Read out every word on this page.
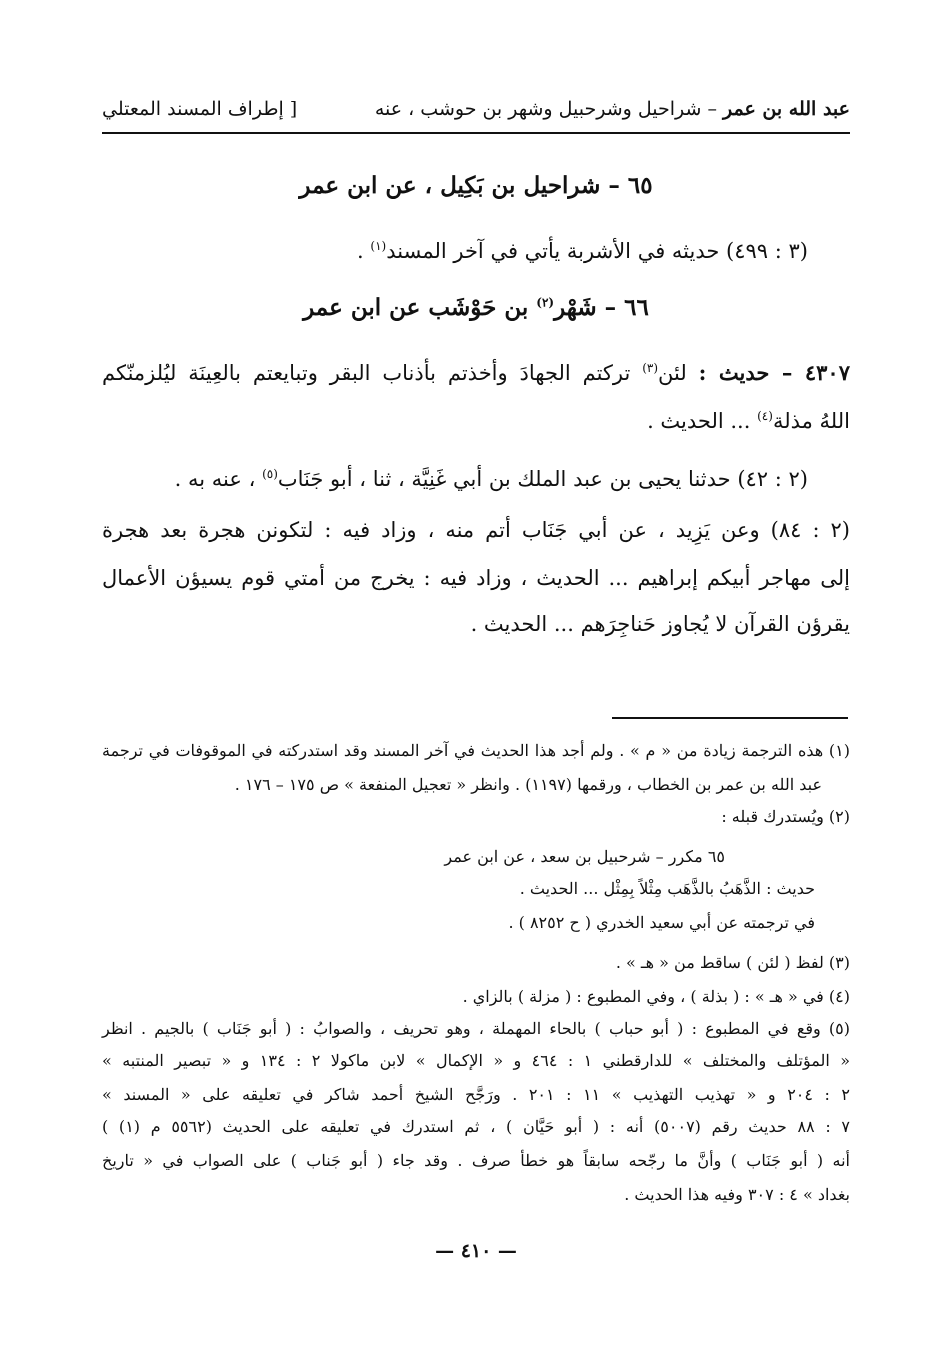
عبد الله بن عمر – شراحيل وشرحبيل وشهر بن حوشب ، عنه
[ إطراف المسند المعتلي
٦٥ – شراحيل بن بَكِيل ، عن ابن عمر
(٣ : ٤٩٩) حديثه في الأشربة يأتي في آخر المسند$^{(١)}$ .
٦٦ – شَهْر$^{(٢)}$ بن حَوْشَب عن ابن عمر
٤٣٠٧ – حديث : لئن$^{(٣)}$ تركتم الجهادَ وأخذتم بأذناب البقر وتبايعتم بالعِينَة ليُلزمنّكم
اللهُ مذلة$^{(٤)}$ ... الحديث .
(٢ : ٤٢) حدثنا يحيى بن عبد الملك بن أبي غَنِيَّة ، ثنا ، أبو جَنَاب$^{(٥)}$ ، عنه به .
(٢ : ٨٤) وعن يَزِيد ، عن أبي جَنَاب أتم منه ، وزاد فيه : لتكونن هجرة بعد هجرة
إلى مهاجر أبيكم إبراهيم ... الحديث ، وزاد فيه : يخرج من أمتي قوم يسيؤن الأعمال
يقرؤن القرآن لا يُجاوز حَناجِرَهم ... الحديث .
(١) هذه الترجمة زيادة من « م » . ولم أجد هذا الحديث في آخر المسند وقد استدركته في الموقوفات في ترجمة
عبد الله بن عمر بن الخطاب ، ورقمها (١١٩٧) . وانظر « تعجيل المنفعة » ص ١٧٥ – ١٧٦ .
(٢) ويُستدرك قبله :
٦٥ مكرر – شرحبيل بن سعد ، عن ابن عمر
حديث : الذَّهَبُ بالذَّهَب مِثْلاً بِمِثْل ... الحديث .
في ترجمته عن أبي سعيد الخدري ( ح ٨٢٥٢ ) .
(٣) لفظ ( لئن ) ساقط من « هـ » .
(٤) في « هـ » : ( بذلة ) ، وفي المطبوع : ( مزلة ) بالزاي .
(٥) وقع في المطبوع : ( أبو حباب ) بالحاء المهملة ، وهو تحريف ، والصوابُ : ( أبو جَنَاب ) بالجيم . انظر
« المؤتلف والمختلف » للدارقطني ١ : ٤٦٤ و « الإكمال » لابن ماكولا ٢ : ١٣٤ و « تبصير المنتبه »
٢ : ٢٠٤ و « تهذيب التهذيب » ١١ : ٢٠١ . ورَجَّح الشيخ أحمد شاكر في تعليقه على « المسند »
٧ : ٨٨ حديث رقم (٥٠٠٧) أنه : ( أبو حَيَّان ) ، ثم استدرك في تعليقه على الحديث (٥٥٦٢ م (١) )
أنه ( أبو جَنَاب ) وأنَّ ما رجّحه سابقاً هو خطأ صرف . وقد جاء ( أبو جَناب ) على الصواب في « تاريخ
بغداد » ٤ : ٣٠٧ وفيه هذا الحديث .
— ٤١٠ —
